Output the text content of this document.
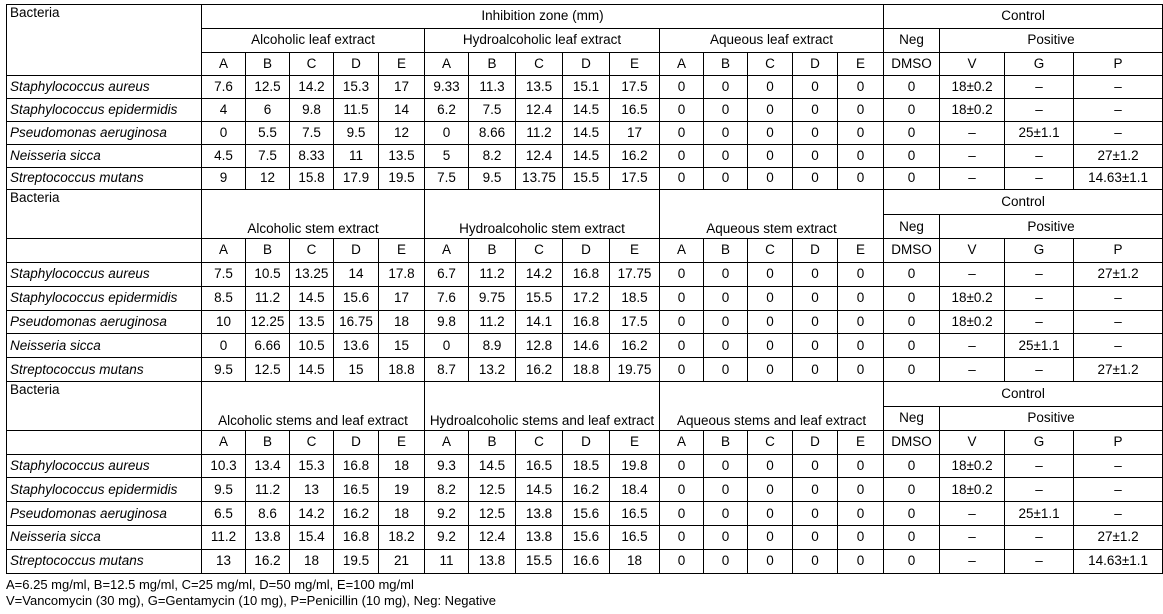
Bacteria	Inhibition zone (mm)															Control			
	Alcoholic leaf extract					Hydroalcoholic leaf extract					Aqueous leaf extract					Neg	Positive		
	A	B	C	D	E	A	B	C	D	E	A	B	C	D	E	DMSO	V	G	P
Staphylococcus aureus	7.6	12.5	14.2	15.3	17	9.33	11.3	13.5	15.1	17.5	0	0	0	0	0	0	18±0.2	–	–
Staphylococcus epidermidis	4	6	9.8	11.5	14	6.2	7.5	12.4	14.5	16.5	0	0	0	0	0	0	18±0.2	–	–
Pseudomonas aeruginosa	0	5.5	7.5	9.5	12	0	8.66	11.2	14.5	17	0	0	0	0	0	0	–	25±1.1	–
Neisseria sicca	4.5	7.5	8.33	11	13.5	5	8.2	12.4	14.5	16.2	0	0	0	0	0	0	–	–	27±1.2
Streptococcus mutans	9	12	15.8	17.9	19.5	7.5	9.5	13.75	15.5	17.5	0	0	0	0	0	0	–	–	14.63±1.1
Bacteria	Alcoholic stem extract					Hydroalcoholic stem extract					Aqueous stem extract					Control			
																Neg	Positive		
	A	B	C	D	E	A	B	C	D	E	A	B	C	D	E	DMSO	V	G	P
Staphylococcus aureus	7.5	10.5	13.25	14	17.8	6.7	11.2	14.2	16.8	17.75	0	0	0	0	0	0	–	–	27±1.2
Staphylococcus epidermidis	8.5	11.2	14.5	15.6	17	7.6	9.75	15.5	17.2	18.5	0	0	0	0	0	0	18±0.2	–	–
Pseudomonas aeruginosa	10	12.25	13.5	16.75	18	9.8	11.2	14.1	16.8	17.5	0	0	0	0	0	0	18±0.2	–	–
Neisseria sicca	0	6.66	10.5	13.6	15	0	8.9	12.8	14.6	16.2	0	0	0	0	0	0	–	25±1.1	–
Streptococcus mutans	9.5	12.5	14.5	15	18.8	8.7	13.2	16.2	18.8	19.75	0	0	0	0	0	0	–	–	27±1.2
Bacteria	Alcoholic stems and leaf extract					Hydroalcoholic stems and leaf extract					Aqueous stems and leaf extract					Control			
																Neg	Positive		
	A	B	C	D	E	A	B	C	D	E	A	B	C	D	E	DMSO	V	G	P
Staphylococcus aureus	10.3	13.4	15.3	16.8	18	9.3	14.5	16.5	18.5	19.8	0	0	0	0	0	0	18±0.2	–	–
Staphylococcus epidermidis	9.5	11.2	13	16.5	19	8.2	12.5	14.5	16.2	18.4	0	0	0	0	0	0	18±0.2	–	–
Pseudomonas aeruginosa	6.5	8.6	14.2	16.2	18	9.2	12.5	13.8	15.6	16.5	0	0	0	0	0	0	–	25±1.1	–
Neisseria sicca	11.2	13.8	15.4	16.8	18.2	9.2	12.4	13.8	15.6	16.5	0	0	0	0	0	0	–	–	27±1.2
Streptococcus mutans	13	16.2	18	19.5	21	11	13.8	15.5	16.6	18	0	0	0	0	0	0	–	–	14.63±1.1
A=6.25 mg/ml, B=12.5 mg/ml, C=25 mg/ml, D=50 mg/ml, E=100 mg/ml
V=Vancomycin (30 mg), G=Gentamycin (10 mg), P=Penicillin (10 mg), Neg: Negative
